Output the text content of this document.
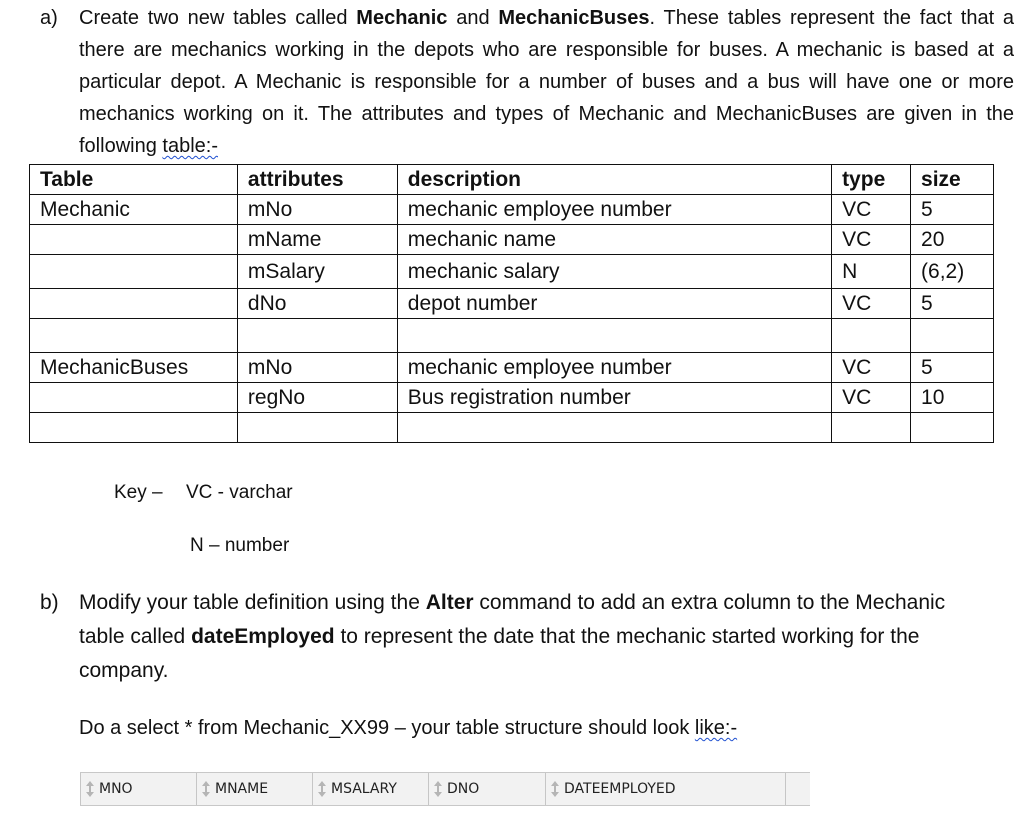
a) Create two new tables called Mechanic and MechanicBuses. These tables represent the fact that a there are mechanics working in the depots who are responsible for buses. A mechanic is based at a particular depot. A Mechanic is responsible for a number of buses and a bus will have one or more mechanics working on it. The attributes and types of Mechanic and MechanicBuses are given in the following table:-
Table	attributes	description	type	size
Mechanic	mNo	mechanic employee number	VC	5
	mName	mechanic name	VC	20
	mSalary	mechanic salary	N	(6,2)
	dNo	depot number	VC	5

MechanicBuses	mNo	mechanic employee number	VC	5
	regNo	Bus registration number	VC	10

Key – VC - varchar
N – number
b) Modify your table definition using the Alter command to add an extra column to the Mechanic table called dateEmployed to represent the date that the mechanic started working for the company.
Do a select * from Mechanic_XX99 – your table structure should look like:-
MNO	MNAME	MSALARY	DNO	DATEEMPLOYED
